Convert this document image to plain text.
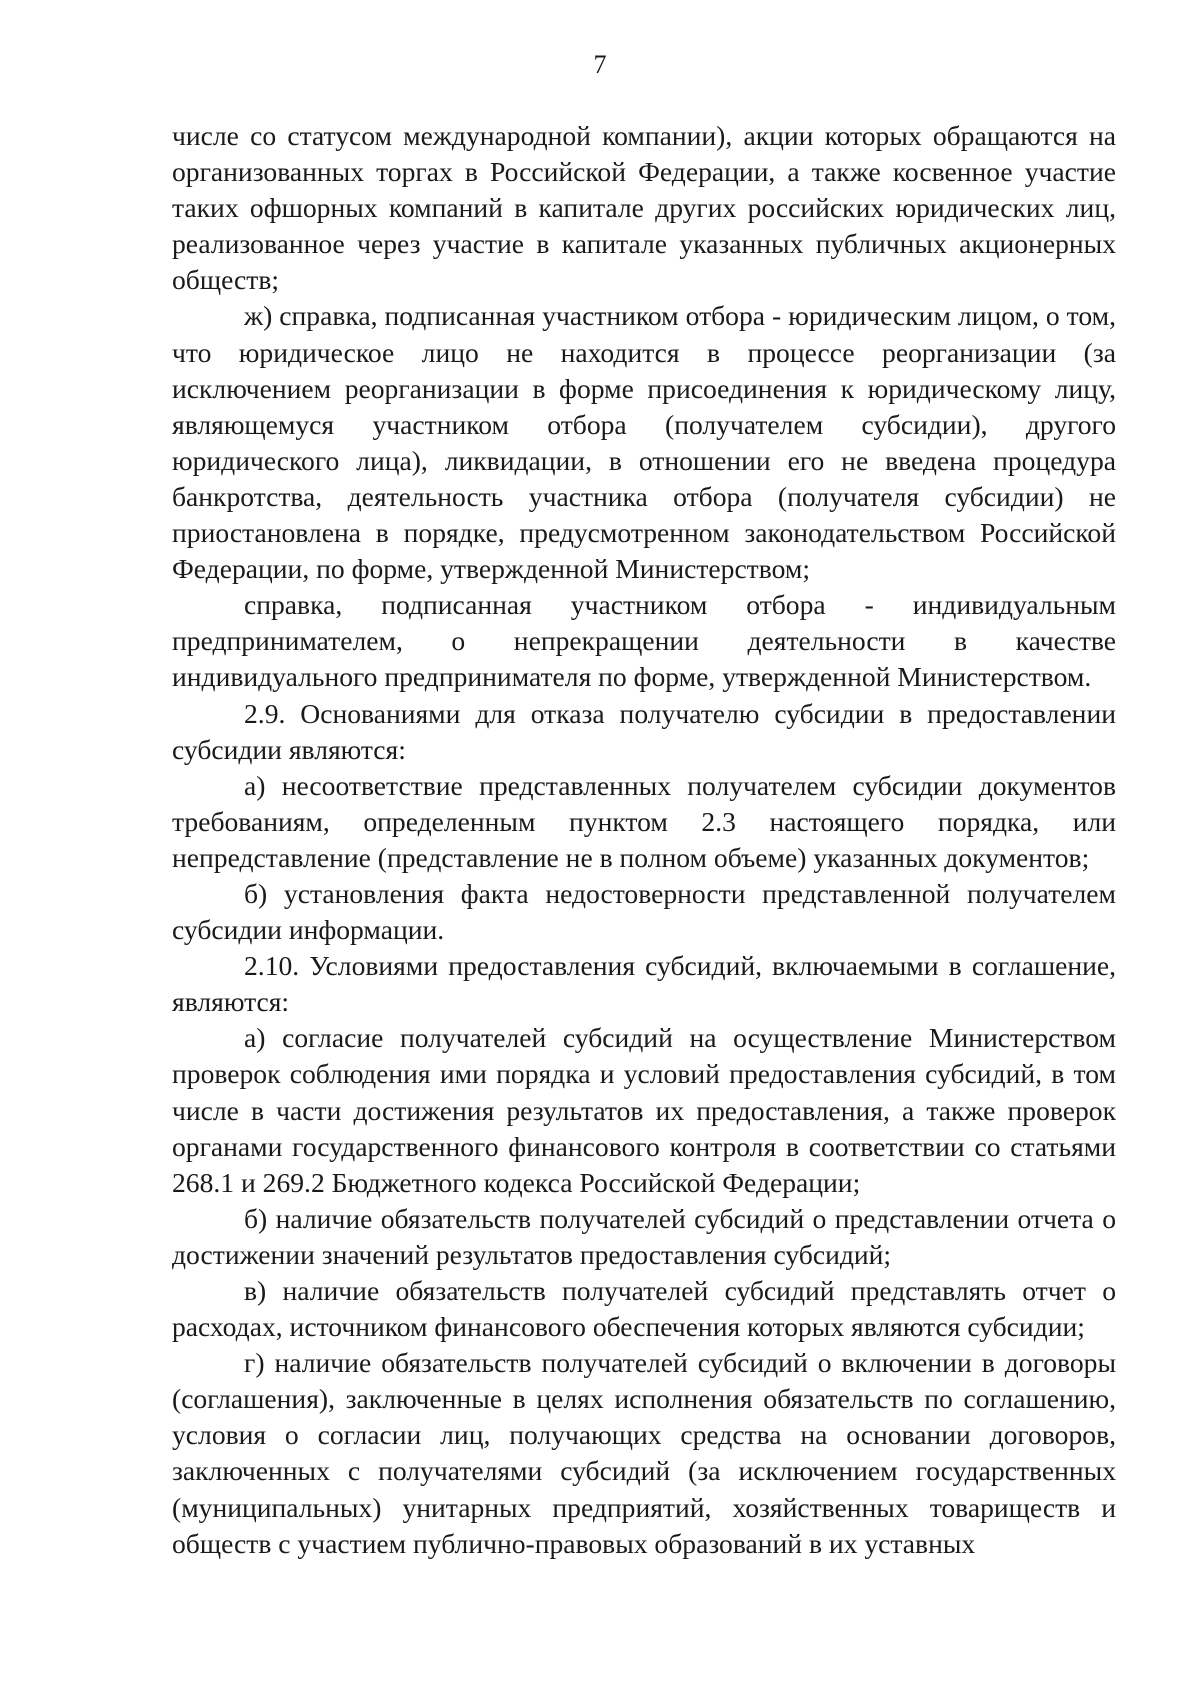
7

числе со статусом международной компании), акции которых обращаются на организованных торгах в Российской Федерации, а также косвенное участие таких офшорных компаний в капитале других российских юридических лиц, реализованное через участие в капитале указанных публичных акционерных обществ;

ж) справка, подписанная участником отбора - юридическим лицом, о том, что юридическое лицо не находится в процессе реорганизации (за исключением реорганизации в форме присоединения к юридическому лицу, являющемуся участником отбора (получателем субсидии), другого юридического лица), ликвидации, в отношении его не введена процедура банкротства, деятельность участника отбора (получателя субсидии) не приостановлена в порядке, предусмотренном законодательством Российской Федерации, по форме, утвержденной Министерством;

справка, подписанная участником отбора - индивидуальным предпринимателем, о непрекращении деятельности в качестве индивидуального предпринимателя по форме, утвержденной Министерством.

2.9. Основаниями для отказа получателю субсидии в предоставлении субсидии являются:

а) несоответствие представленных получателем субсидии документов требованиям, определенным пунктом 2.3 настоящего порядка, или непредставление (представление не в полном объеме) указанных документов;

б) установления факта недостоверности представленной получателем субсидии информации.

2.10. Условиями предоставления субсидий, включаемыми в соглашение, являются:

а) согласие получателей субсидий на осуществление Министерством проверок соблюдения ими порядка и условий предоставления субсидий, в том числе в части достижения результатов их предоставления, а также проверок органами государственного финансового контроля в соответствии со статьями 268.1 и 269.2 Бюджетного кодекса Российской Федерации;

б) наличие обязательств получателей субсидий о представлении отчета о достижении значений результатов предоставления субсидий;

в) наличие обязательств получателей субсидий представлять отчет о расходах, источником финансового обеспечения которых являются субсидии;

г) наличие обязательств получателей субсидий о включении в договоры (соглашения), заключенные в целях исполнения обязательств по соглашению, условия о согласии лиц, получающих средства на основании договоров, заключенных с получателями субсидий (за исключением государственных (муниципальных) унитарных предприятий, хозяйственных товариществ и обществ с участием публично-правовых образований в их уставных
